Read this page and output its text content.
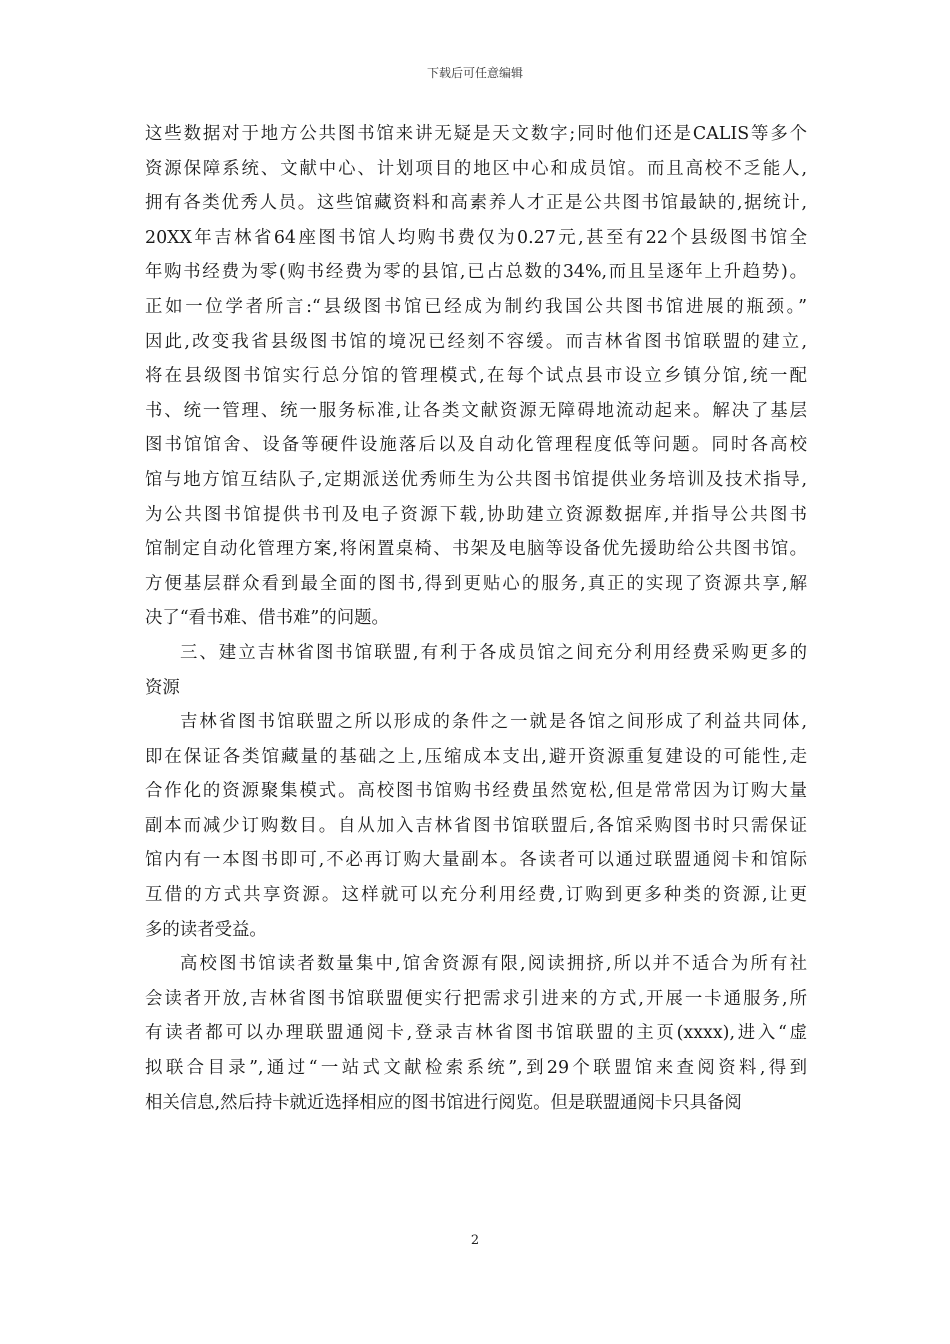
下载后可任意编辑
这些数据对于地方公共图书馆来讲无疑是天文数字;同时他们还是CALIS等多个
资源保障系统、文献中心、计划项目的地区中心和成员馆。而且高校不乏能人,
拥有各类优秀人员。这些馆藏资料和高素养人才正是公共图书馆最缺的,据统计,
20XX年吉林省64座图书馆人均购书费仅为0.27元,甚至有22个县级图书馆全
年购书经费为零(购书经费为零的县馆,已占总数的34%,而且呈逐年上升趋势)。
正如一位学者所言:“县级图书馆已经成为制约我国公共图书馆进展的瓶颈。”
因此,改变我省县级图书馆的境况已经刻不容缓。而吉林省图书馆联盟的建立,
将在县级图书馆实行总分馆的管理模式,在每个试点县市设立乡镇分馆,统一配
书、统一管理、统一服务标准,让各类文献资源无障碍地流动起来。解决了基层
图书馆馆舍、设备等硬件设施落后以及自动化管理程度低等问题。同时各高校
馆与地方馆互结队子,定期派送优秀师生为公共图书馆提供业务培训及技术指导,
为公共图书馆提供书刊及电子资源下载,协助建立资源数据库,并指导公共图书
馆制定自动化管理方案,将闲置桌椅、书架及电脑等设备优先援助给公共图书馆。
方便基层群众看到最全面的图书,得到更贴心的服务,真正的实现了资源共享,解
决了“看书难、借书难”的问题。
三、建立吉林省图书馆联盟,有利于各成员馆之间充分利用经费采购更多的
资源
吉林省图书馆联盟之所以形成的条件之一就是各馆之间形成了利益共同体,
即在保证各类馆藏量的基础之上,压缩成本支出,避开资源重复建设的可能性,走
合作化的资源聚集模式。高校图书馆购书经费虽然宽松,但是常常因为订购大量
副本而减少订购数目。自从加入吉林省图书馆联盟后,各馆采购图书时只需保证
馆内有一本图书即可,不必再订购大量副本。各读者可以通过联盟通阅卡和馆际
互借的方式共享资源。这样就可以充分利用经费,订购到更多种类的资源,让更
多的读者受益。
高校图书馆读者数量集中,馆舍资源有限,阅读拥挤,所以并不适合为所有社
会读者开放,吉林省图书馆联盟便实行把需求引进来的方式,开展一卡通服务,所
有读者都可以办理联盟通阅卡,登录吉林省图书馆联盟的主页(xxxx),进入“虚
拟联合目录”,通过“一站式文献检索系统”,到29个联盟馆来查阅资料,得到
相关信息,然后持卡就近选择相应的图书馆进行阅览。但是联盟通阅卡只具备阅
2
